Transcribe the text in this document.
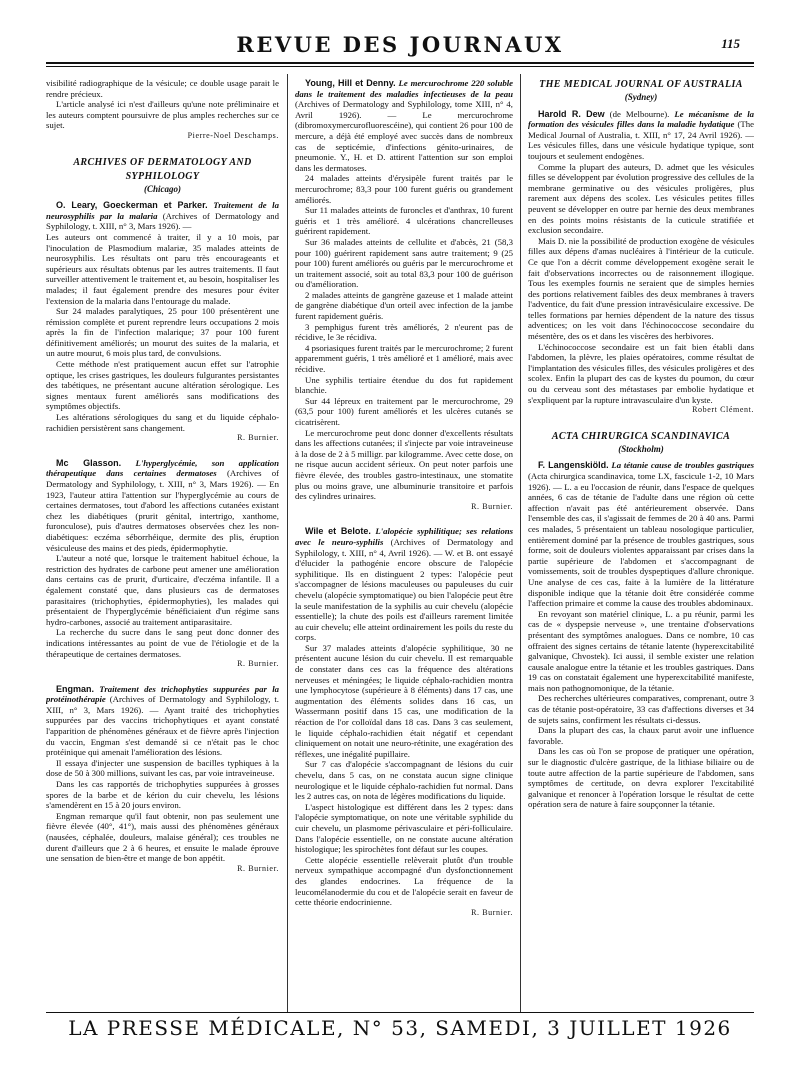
REVUE DES JOURNAUX	115

visibilité radiographique de la vésicule; ce double usage parait le rendre précieux.

L'article analysé ici n'est d'ailleurs qu'une note préliminaire et les auteurs comptent poursuivre de plus amples recherches sur ce sujet.

Pierre-Noel Deschamps.
ARCHIVES OF DERMATOLOGY AND SYPHILOLOGY
(Chicago)

O. Leary, Goeckerman et Parker. Traitement de la neurosyphilis par la malaria (Archives of Dermatology and Syphilology, t. XIII, n° 3, Mars 1926). —

Les auteurs ont commencé à traiter, il y a 10 mois, par l'inoculation de Plasmodium malariæ, 35 malades atteints de neurosyphilis. Les résultats ont paru très encourageants et supérieurs aux résultats obtenus par les autres traitements. Il faut surveiller attentivement le traitement et, au besoin, hospitaliser les malades; il faut également prendre des mesures pour éviter l'extension de la malaria dans l'entourage du malade.

Sur 24 malades paralytiques, 25 pour 100 présentèrent une rémission complète et purent reprendre leurs occupations 2 mois après la fin de l'infection malarique; 37 pour 100 furent définitivement améliorés; un mourut des suites de la malaria, et un autre mourut, 6 mois plus tard, de convulsions.

Cette méthode n'est pratiquement aucun effet sur l'atrophie optique, les crises gastriques, les douleurs fulgurantes persistantes des tabétiques, ne présentant aucune altération sérologique. Les signes mentaux furent améliorés sans modifications des symptômes objectifs.

Les altérations sérologiques du sang et du liquide céphalo-rachidien persistèrent sans changement.

R. Burnier.

Mc Glasson. L'hyperglycémie, son application thérapeutique dans certaines dermatoses (Archives of Dermatology and Syphilology, t. XIII, n° 3, Mars 1926). — En 1923, l'auteur attira l'attention sur l'hyperglycémie au cours de certaines dermatoses, tout d'abord les affections cutanées existant chez les diabétiques (prurit génital, intertrigo, xanthome, furonculose), puis d'autres dermatoses observées chez les non-diabétiques: eczéma séborrhéique, dermite des plis, éruption vésiculeuse des mains et des pieds, épidermophytie.

L'auteur a noté que, lorsque le traitement habituel échoue, la restriction des hydrates de carbone peut amener une amélioration dans certains cas de prurit, d'urticaire, d'eczéma infantile. Il a également constaté que, dans plusieurs cas de dermatoses parasitaires (trichophyties, épidermophyties), les malades qui présentaient de l'hyperglycémie bénéficiaient d'un régime sans hydro-carbones, associé au traitement antiparasitaire.

La recherche du sucre dans le sang peut donc donner des indications intéressantes au point de vue de l'étiologie et de la thérapeutique de certaines dermatoses.

R. Burnier.

Engman. Traitement des trichophyties suppurées par la protéinothérapie (Archives of Dermatology and Syphilology, t. XIII, n° 3, Mars 1926). — Ayant traité des trichophyties suppurées par des vaccins trichophytiques et ayant constaté l'apparition de phénomènes généraux et de fièvre après l'injection du vaccin, Engman s'est demandé si ce n'était pas le choc protéinique qui amenait l'amélioration des lésions.

Il essaya d'injecter une suspension de bacilles typhiques à la dose de 50 à 300 millions, suivant les cas, par voie intraveineuse.

Dans les cas rapportés de trichophyties suppurées à grosses spores de la barbe et de kérion du cuir chevelu, les lésions s'amendèrent en 15 à 20 jours environ.

Engman remarque qu'il faut obtenir, non pas seulement une fièvre élevée (40°, 41°), mais aussi des phénomènes généraux (nausées, céphalée, douleurs, malaise général); ces troubles ne durent d'ailleurs que 2 à 6 heures, et ensuite le malade éprouve une sensation de bien-être et mange de bon appétit.

R. Burnier.

Young, Hill et Denny. Le mercurochrome 220 soluble dans le traitement des maladies infectieuses de la peau (Archives of Dermatology and Syphilology, tome XIII, n° 4, Avril 1926). —	Le mercurochrome (dibromoxymercurofluorescéine), qui contient 26 pour 100 de mercure, a déjà été employé avec succès dans de nombreux cas de septicémie, d'infections génito-urinaires, de pneumonie. Y., H. et D. attirent l'attention sur son emploi dans les dermatoses.

24 malades atteints d'érysipèle furent traités par le mercurochrome; 83,3 pour 100 furent guéris ou grandement améliorés.

Sur 11 malades atteints de furoncles et d'anthrax, 10 furent guéris et 1 très amélioré. 4 ulcérations chancrelleuses guérirent rapidement.

Sur 36 malades atteints de cellulite et d'abcès, 21 (58,3 pour 100) guérirent rapidement sans autre traitement; 9 (25 pour 100) furent améliorés ou guéris par le mercurochrome et un traitement associé, soit au total 83,3 pour 100 de guérison ou d'amélioration.

2 malades atteints de gangrène gazeuse et 1 malade atteint de gangrène diabétique d'un orteil avec infection de la jambe furent rapidement guéris.

3 pemphigus furent très améliorés, 2 n'eurent pas de récidive, le 3e récidiva.

4 psoriasiques furent traités par le mercurochrome; 2 furent apparemment guéris, 1 très amélioré et 1 amélioré, mais avec récidive.

Une syphilis tertiaire étendue du dos fut rapidement blanchie.

Sur 44 lépreux en traitement par le mercurochrome, 29 (63,5 pour 100) furent améliorés et les ulcères cutanés se cicatrisèrent.

Le mercurochrome peut donc donner d'excellents résultats dans les affections cutanées; il s'injecte par voie intraveineuse à la dose de 2 à 5 milligr. par kilogramme. Avec cette dose, on ne risque aucun accident sérieux. On peut noter parfois une fièvre élevée, des troubles gastro-intestinaux, une stomatite plus ou moins grave, une albuminurie transitoire et parfois des cylindres urinaires.

R. Burnier.

Wile et Belote. L'alopécie syphilitique; ses relations avec le neuro-syphilis (Archives of Dermatology and Syphilology, t. XIII, n° 4, Avril 1926). — W. et B. ont essayé d'élucider la pathogénie encore obscure de l'alopécie syphilitique. Ils en distinguent 2 types: l'alopécie peut s'accompagner de lésions maculeuses ou papuleuses du cuir chevelu (alopécie symptomatique) ou bien l'alopécie peut être la seule manifestation de la syphilis au cuir chevelu (alopécie essentielle); la chute des poils est d'ailleurs rarement limitée au cuir chevelu; elle atteint ordinairement les poils du reste du corps.

Sur 37 malades atteints d'alopécie syphilitique, 30 ne présentent aucune lésion du cuir chevelu. Il est remarquable de constater dans ces cas la fréquence des altérations nerveuses et méningées; le liquide céphalo-rachidien montra une lymphocytose (supérieure à 8 éléments) dans 17 cas, une augmentation des éléments solides dans 16 cas, un Wassermann positif dans 15 cas, une modification de la réaction de l'or colloïdal dans 18 cas. Dans 3 cas seulement, le liquide céphalo-rachidien était négatif et cependant cliniquement on notait une neuro-rétinite, une exagération des réflexes, une inégalité pupillaire.

Sur 7 cas d'alopécie s'accompagnant de lésions du cuir chevelu, dans 5 cas, on ne constata aucun signe clinique neurologique et le liquide céphalo-rachidien fut normal. Dans les 2 autres cas, on nota de légères modifications du liquide.

L'aspect histologique est différent dans les 2 types: dans l'alopécie symptomatique, on note une véritable syphilide du cuir chevelu, un plasmome périvasculaire et péri-folliculaire. Dans l'alopécie essentielle, on ne constate aucune altération histologique; les spirochètes font défaut sur les coupes.

Cette alopécie essentielle relèverait plutôt d'un trouble nerveux sympathique accompagné d'un dysfonctionnement des glandes endocrines. La fréquence de la leucomélanodermie du cou et de l'alopécie serait en faveur de cette théorie endocrinienne.

R. Burnier.
THE MEDICAL JOURNAL OF AUSTRALIA
(Sydney)

Harold R. Dew (de Melbourne). Le mécanisme de la formation des vésicules filles dans la maladie hydatique (The Medical Journal of Australia, t. XIII, n° 17, 24 Avril 1926). — Les vésicules filles, dans une vésicule hydatique typique, sont toujours et seulement endogènes.

Comme la plupart des auteurs, D. admet que les vésicules filles se développent par évolution progressive des cellules de la membrane germinative ou des vésicules proligères, plus rarement aux dépens des scolex. Les vésicules petites filles peuvent se développer en outre par hernie des deux membranes en des points moins résistants de la cuticule stratifiée et exclusion secondaire.

Mais D. nie la possibilité de production exogène de vésicules filles aux dépens d'amas nucléaires à l'intérieur de la cuticule. Ce que l'on a décrit comme développement exogène serait le fait d'observations incorrectes ou de raisonnement illogique. Tous les exemples fournis ne seraient que de simples hernies des portions relativement faibles des deux membranes à travers l'adventice, du fait d'une pression intravésiculaire excessive. De telles formations par hernies dépendent de la nature des tissus adventices; on les voit dans l'échinococcose secondaire du mésentère, des os et dans les viscères des herbivores.

L'échinococcose secondaire est un fait bien établi dans l'abdomen, la plèvre, les plaies opératoires, comme résultat de l'implantation des vésicules filles, des vésicules proligères et des scolex. Enfin la plupart des cas de kystes du poumon, du cœur ou du cerveau sont des métastases par embolie hydatique et s'expliquent par la rupture intravasculaire d'un kyste.

Robert Clément.
ACTA CHIRURGICA SCANDINAVICA
(Stockholm)

F. Langenskiöld. La tétanie cause de troubles gastriques (Acta chirurgica scandinavica, tome LX, fascicule 1-2, 10 Mars 1926). — L. a eu l'occasion de réunir, dans l'espace de quelques années, 6 cas de tétanie de l'adulte dans une région où cette affection n'avait pas été antérieurement observée. Dans l'ensemble des cas, il s'agissait de femmes de 20 à 40 ans. Parmi ces malades, 5 présentaient un tableau nosologique particulier, entièrement dominé par la présence de troubles gastriques, sous forme, soit de douleurs violentes apparaissant par crises dans la partie supérieure de l'abdomen et s'accompagnant de vomissements, soit de troubles dyspeptiques d'allure chronique. Une analyse de ces cas, faite à la lumière de la littérature disponible indique que la tétanie doit être considérée comme l'affection primaire et comme la cause des troubles abdominaux.

En revoyant son matériel clinique, L. a pu réunir, parmi les cas de « dyspepsie nerveuse », une trentaine d'observations présentant des symptômes analogues. Dans ce nombre, 10 cas offraient des signes certains de tétanie latente (hyperexcitabilité galvanique, Chvostek). Ici aussi, il semble exister une relation causale analogue entre la tétanie et les troubles gastriques. Dans 19 cas on constatait également une hyperexcitabilité manifeste, mais non pathognomonique, de la tétanie.

Des recherches ultérieures comparatives, comprenant, outre 3 cas de tétanie post-opératoire, 33 cas d'affections diverses et 34 de sujets sains, confirment les résultats ci-dessus.

Dans la plupart des cas, la chaux parut avoir une influence favorable.

Dans les cas où l'on se propose de pratiquer une opération, sur le diagnostic d'ulcère gastrique, de la lithiase biliaire ou de toute autre affection de la partie supérieure de l'abdomen, sans symptômes de certitude, on devra explorer l'excitabilité galvanique et renoncer à l'opération lorsque le résultat de cette opération sera de nature à faire soupçonner la tétanie.

LA PRESSE MÉDICALE, N° 53, SAMEDI, 3 JUILLET 1926
